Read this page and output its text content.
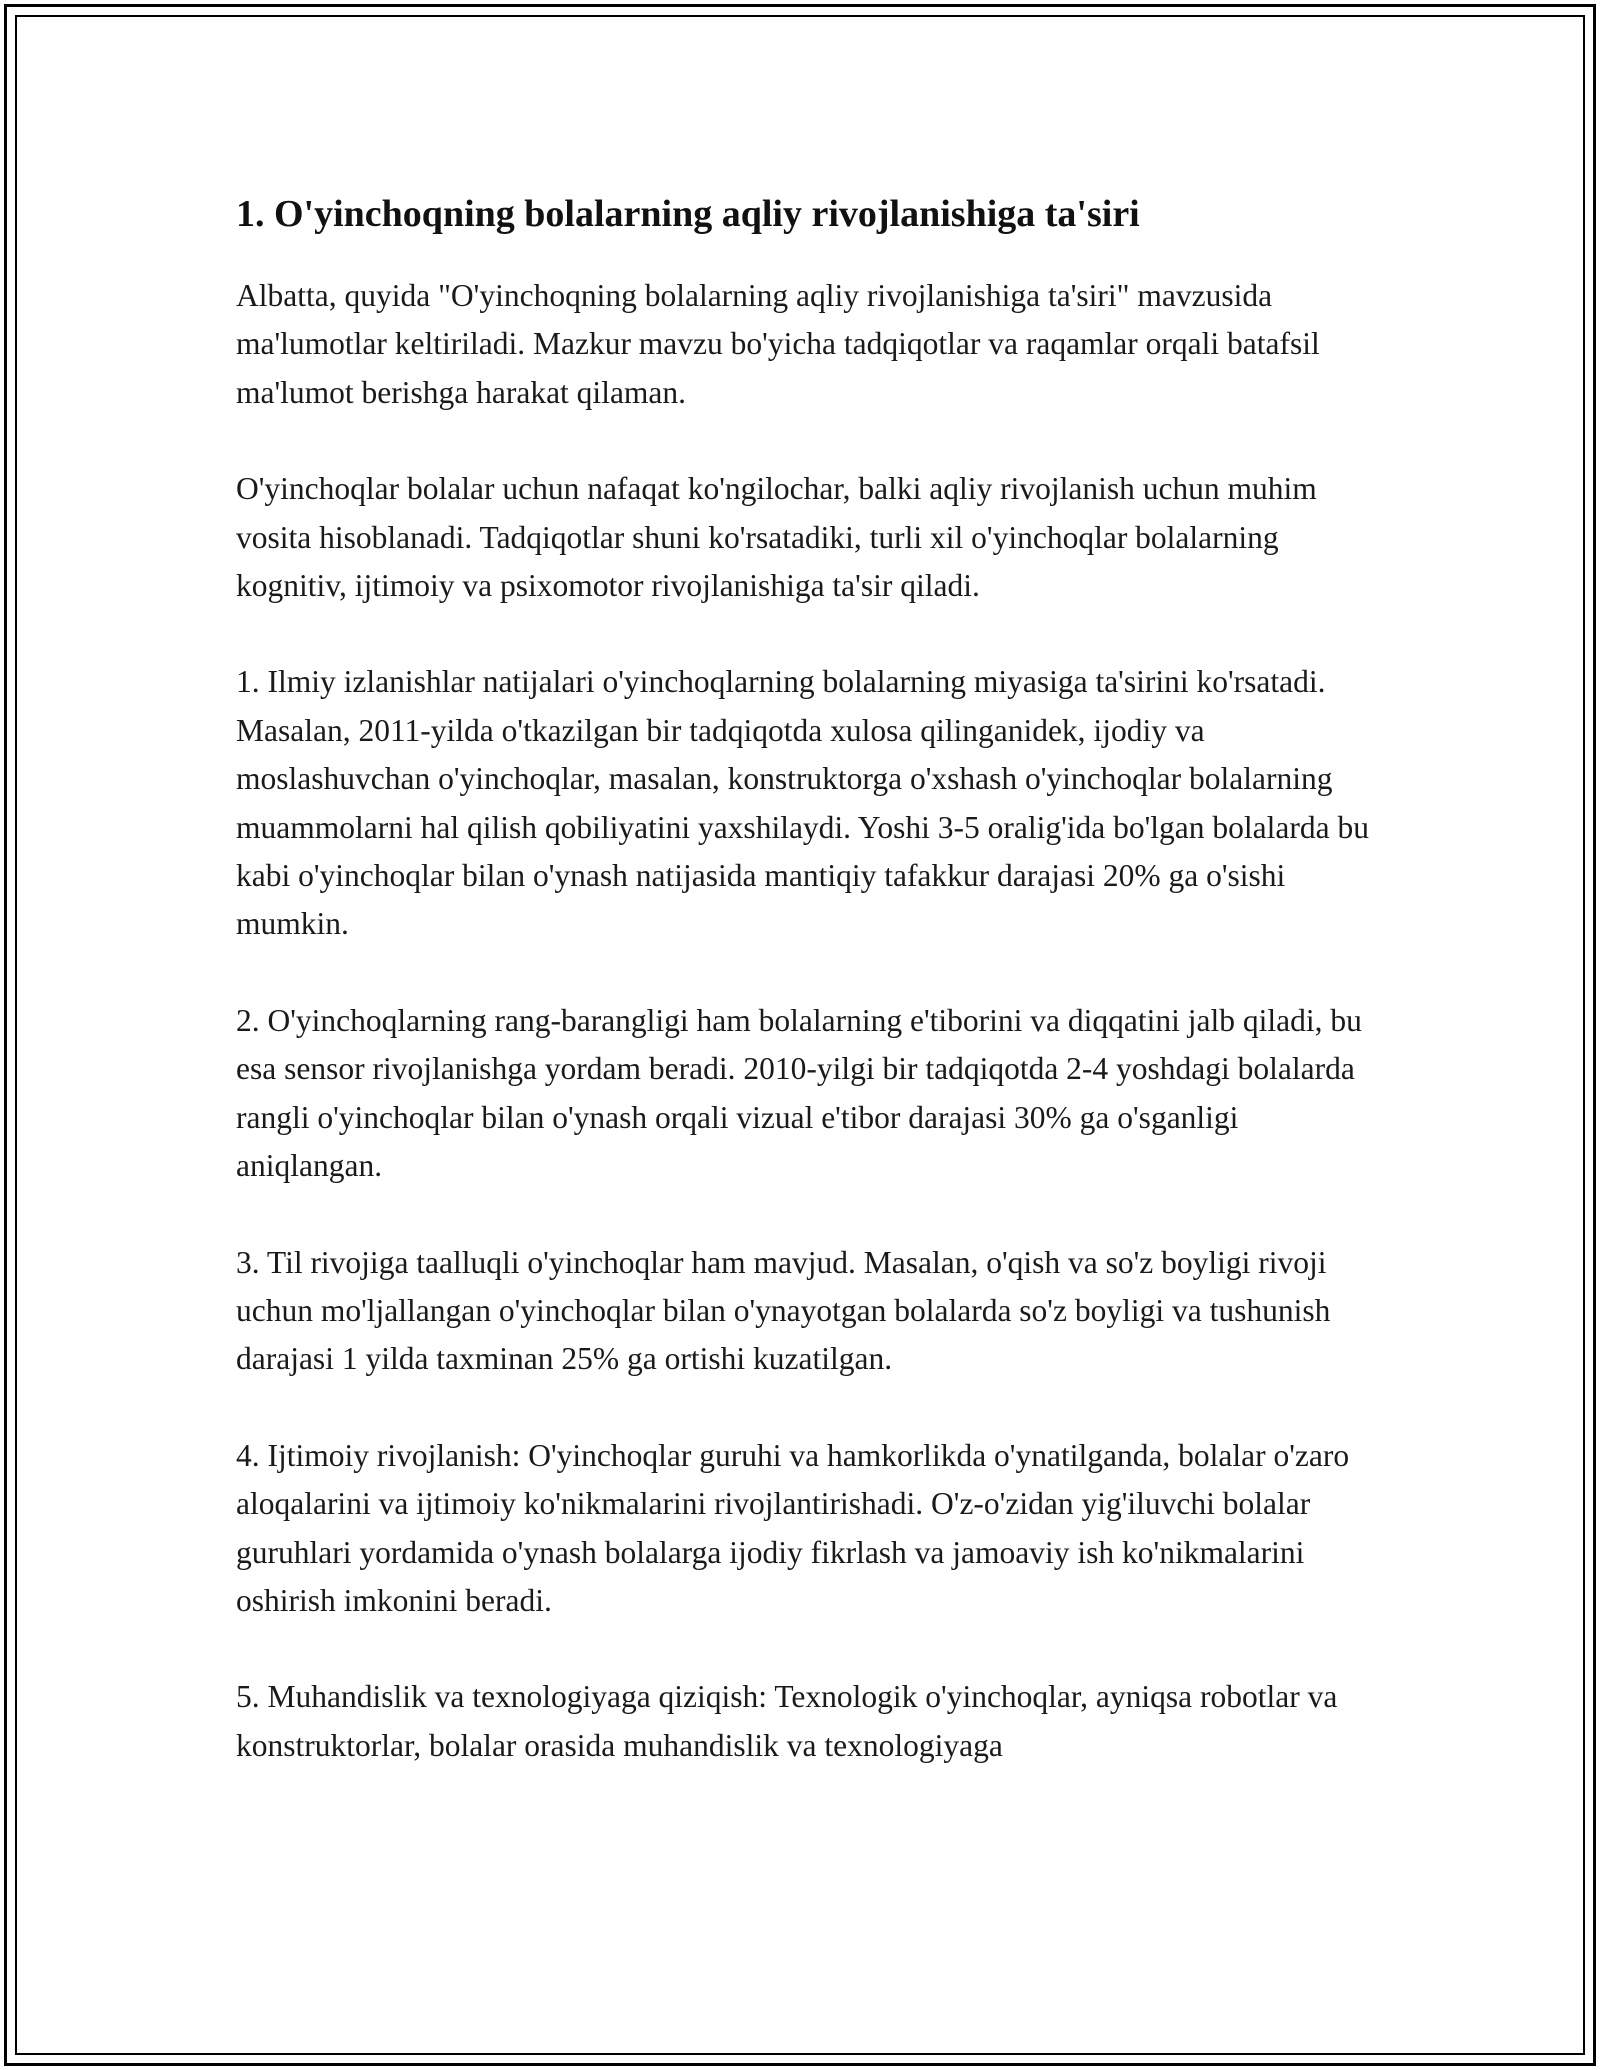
1. O'yinchoqning bolalarning aqliy rivojlanishiga ta'siri

Albatta, quyida "O'yinchoqning bolalarning aqliy rivojlanishiga ta'siri" mavzusida ma'lumotlar keltiriladi. Mazkur mavzu bo'yicha tadqiqotlar va raqamlar orqali batafsil ma'lumot berishga harakat qilaman.

O'yinchoqlar bolalar uchun nafaqat ko'ngilochar, balki aqliy rivojlanish uchun muhim vosita hisoblanadi. Tadqiqotlar shuni ko'rsatadiki, turli xil o'yinchoqlar bolalarning kognitiv, ijtimoiy va psixomotor rivojlanishiga ta'sir qiladi.

1. Ilmiy izlanishlar natijalari o'yinchoqlarning bolalarning miyasiga ta'sirini ko'rsatadi. Masalan, 2011-yilda o'tkazilgan bir tadqiqotda xulosa qilinganidek, ijodiy va moslashuvchan o'yinchoqlar, masalan, konstruktorga o'xshash o'yinchoqlar bolalarning muammolarni hal qilish qobiliyatini yaxshilaydi. Yoshi 3-5 oralig'ida bo'lgan bolalarda bu kabi o'yinchoqlar bilan o'ynash natijasida mantiqiy tafakkur darajasi 20% ga o'sishi mumkin.

2. O'yinchoqlarning rang-barangligi ham bolalarning e'tiborini va diqqatini jalb qiladi, bu esa sensor rivojlanishga yordam beradi. 2010-yilgi bir tadqiqotda 2-4 yoshdagi bolalarda rangli o'yinchoqlar bilan o'ynash orqali vizual e'tibor darajasi 30% ga o'sganligi aniqlangan.

3. Til rivojiga taalluqli o'yinchoqlar ham mavjud. Masalan, o'qish va so'z boyligi rivoji uchun mo'ljallangan o'yinchoqlar bilan o'ynayotgan bolalarda so'z boyligi va tushunish darajasi 1 yilda taxminan 25% ga ortishi kuzatilgan.

4. Ijtimoiy rivojlanish: O'yinchoqlar guruhi va hamkorlikda o'ynatilganda, bolalar o'zaro aloqalarini va ijtimoiy ko'nikmalarini rivojlantirishadi. O'z-o'zidan yig'iluvchi bolalar guruhlari yordamida o'ynash bolalarga ijodiy fikrlash va jamoaviy ish ko'nikmalarini oshirish imkonini beradi.

5. Muhandislik va texnologiyaga qiziqish: Texnologik o'yinchoqlar, ayniqsa robotlar va konstruktorlar, bolalar orasida muhandislik va texnologiyaga
